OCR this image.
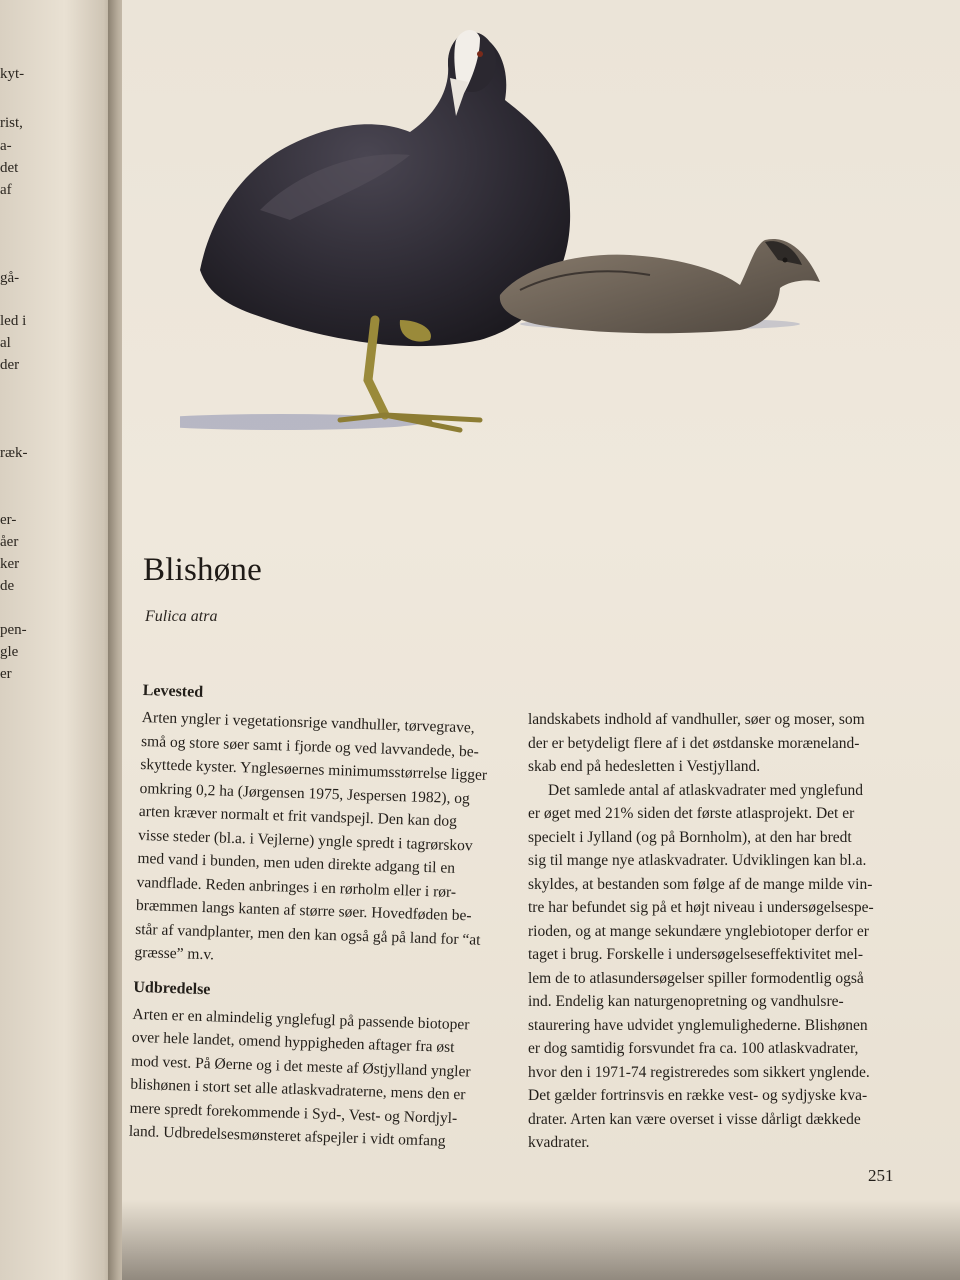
kyt-
rist,
a-
det
af
gå-
led i
al
der
ræk-
er-
åer
ker
de
pen-
gle
er
Blishøne
Fulica atra
Levested
Arten yngler i vegetationsrige vandhuller, tørvegrave,
små og store søer samt i fjorde og ved lavvandede, be-
skyttede kyster. Ynglesøernes minimumsstørrelse ligger
omkring 0,2 ha (Jørgensen 1975, Jespersen 1982), og
arten kræver normalt et frit vandspejl. Den kan dog
visse steder (bl.a. i Vejlerne) yngle spredt i tagrørskov
med vand i bunden, men uden direkte adgang til en
vandflade. Reden anbringes i en rørholm eller i rør-
bræmmen langs kanten af større søer. Hovedføden be-
står af vandplanter, men den kan også gå på land for “at
græsse” m.v.
Udbredelse
Arten er en almindelig ynglefugl på passende biotoper
over hele landet, omend hyppigheden aftager fra øst
mod vest. På Øerne og i det meste af Østjylland yngler
blishønen i stort set alle atlaskvadraterne, mens den er
mere spredt forekommende i Syd-, Vest- og Nordjyl-
land. Udbredelsesmønsteret afspejler i vidt omfang
landskabets indhold af vandhuller, søer og moser, som
der er betydeligt flere af i det østdanske moræneland-
skab end på hedesletten i Vestjylland.
Det samlede antal af atlaskvadrater med ynglefund
er øget med 21% siden det første atlasprojekt. Det er
specielt i Jylland (og på Bornholm), at den har bredt
sig til mange nye atlaskvadrater. Udviklingen kan bl.a.
skyldes, at bestanden som følge af de mange milde vin-
tre har befundet sig på et højt niveau i undersøgelsespe-
rioden, og at mange sekundære ynglebiotoper derfor er
taget i brug. Forskelle i undersøgelseseffektivitet mel-
lem de to atlasundersøgelser spiller formodentlig også
ind. Endelig kan naturgenopretning og vandhulsre-
staurering have udvidet ynglemulighederne. Blishønen
er dog samtidig forsvundet fra ca. 100 atlaskvadrater,
hvor den i 1971-74 registreredes som sikkert ynglende.
Det gælder fortrinsvis en række vest- og sydjyske kva-
drater. Arten kan være overset i visse dårligt dækkede
kvadrater.
251
